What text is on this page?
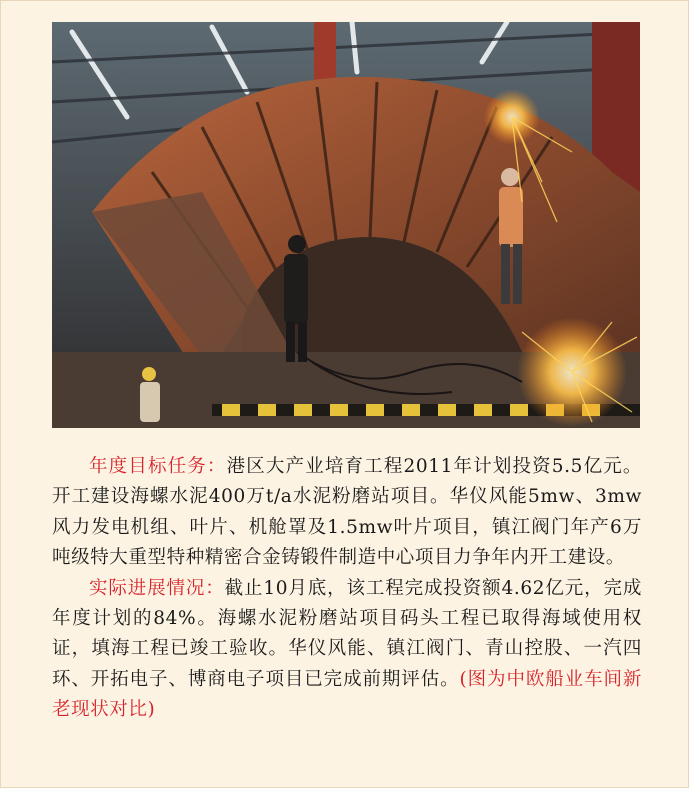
年度目标任务：港区大产业培育工程2011年计划投资5.5亿元。开工建设海螺水泥400万t/a水泥粉磨站项目。华仪风能5mw、3mw风力发电机组、叶片、机舱罩及1.5mw叶片项目，镇江阀门年产6万吨级特大重型特种精密合金铸锻件制造中心项目力争年内开工建设。

实际进展情况：截止10月底，该工程完成投资额4.62亿元，完成年度计划的84%。海螺水泥粉磨站项目码头工程已取得海域使用权证，填海工程已竣工验收。华仪风能、镇江阀门、青山控股、一汽四环、开拓电子、博商电子项目已完成前期评估。(图为中欧船业车间新老现状对比)
